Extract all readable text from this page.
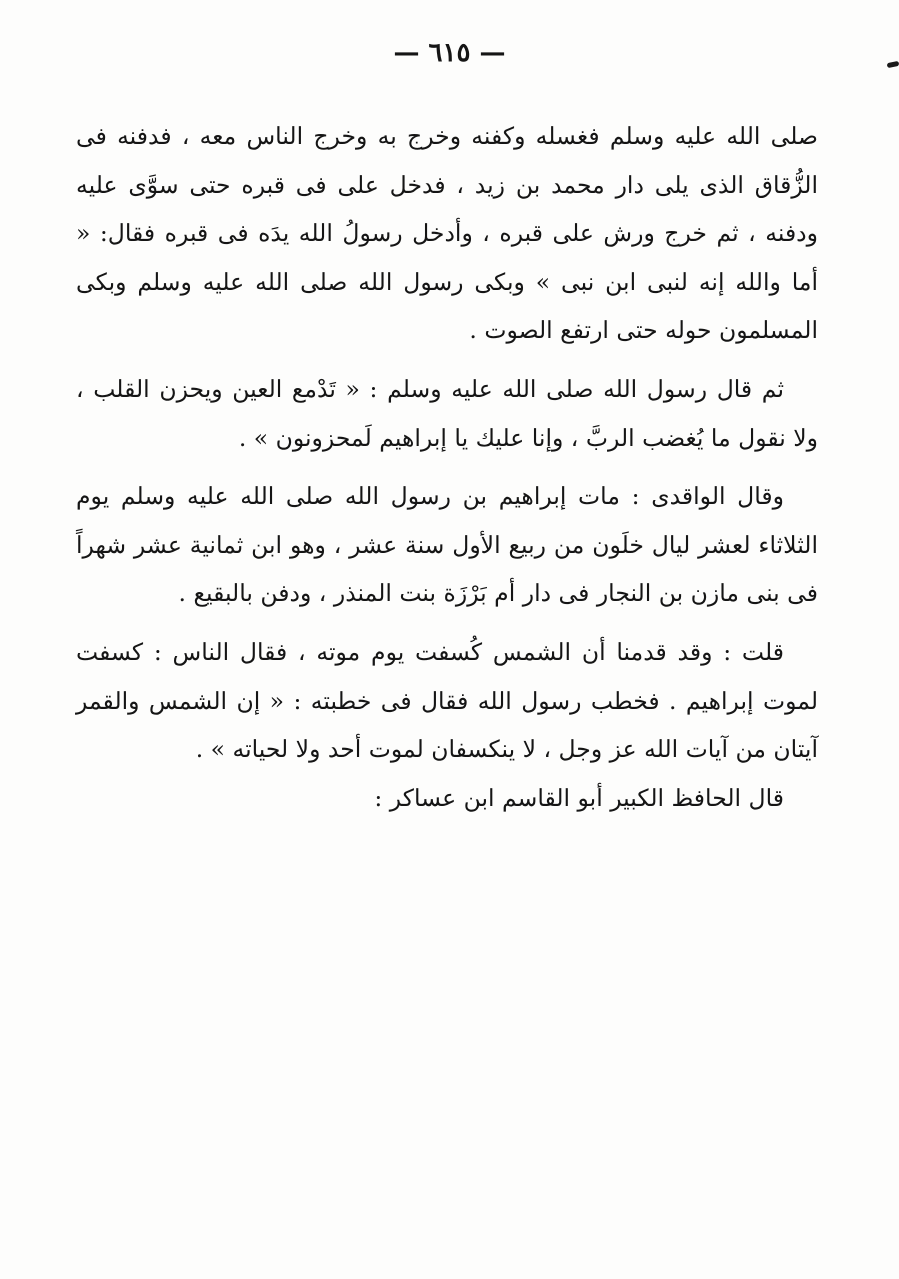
— ٦١٥ —

صلى الله عليه وسلم فغسله وكفنه وخرج به وخرج الناس معه ، فدفنه فى الزُّقاق الذى يلى دار محمد بن زيد ، فدخل على فى قبره حتى سوَّى عليه ودفنه ، ثم خرج ورش على قبره ، وأدخل رسولُ الله يدَه فى قبره فقال: « أما والله إنه لنبى ابن نبى » وبكى رسول الله صلى الله عليه وسلم وبكى المسلمون حوله حتى ارتفع الصوت .

ثم قال رسول الله صلى الله عليه وسلم : « تَدْمع العين ويحزن القلب ، ولا نقول ما يُغضب الربَّ ، وإنا عليك يا إبراهيم لَمحزونون » .

وقال الواقدى : مات إبراهيم بن رسول الله صلى الله عليه وسلم يوم الثلاثاء لعشر ليال خلَون من ربيع الأول سنة عشر ، وهو ابن ثمانية عشر شهراً فى بنى مازن بن النجار فى دار أم بَرْزَة بنت المنذر ، ودفن بالبقيع .

قلت : وقد قدمنا أن الشمس كُسفت يوم موته ، فقال الناس : كسفت لموت إبراهيم . فخطب رسول الله فقال فى خطبته : « إن الشمس والقمر آيتان من آيات الله عز وجل ، لا ينكسفان لموت أحد ولا لحياته » .

قال الحافظ الكبير أبو القاسم ابن عساكر :
